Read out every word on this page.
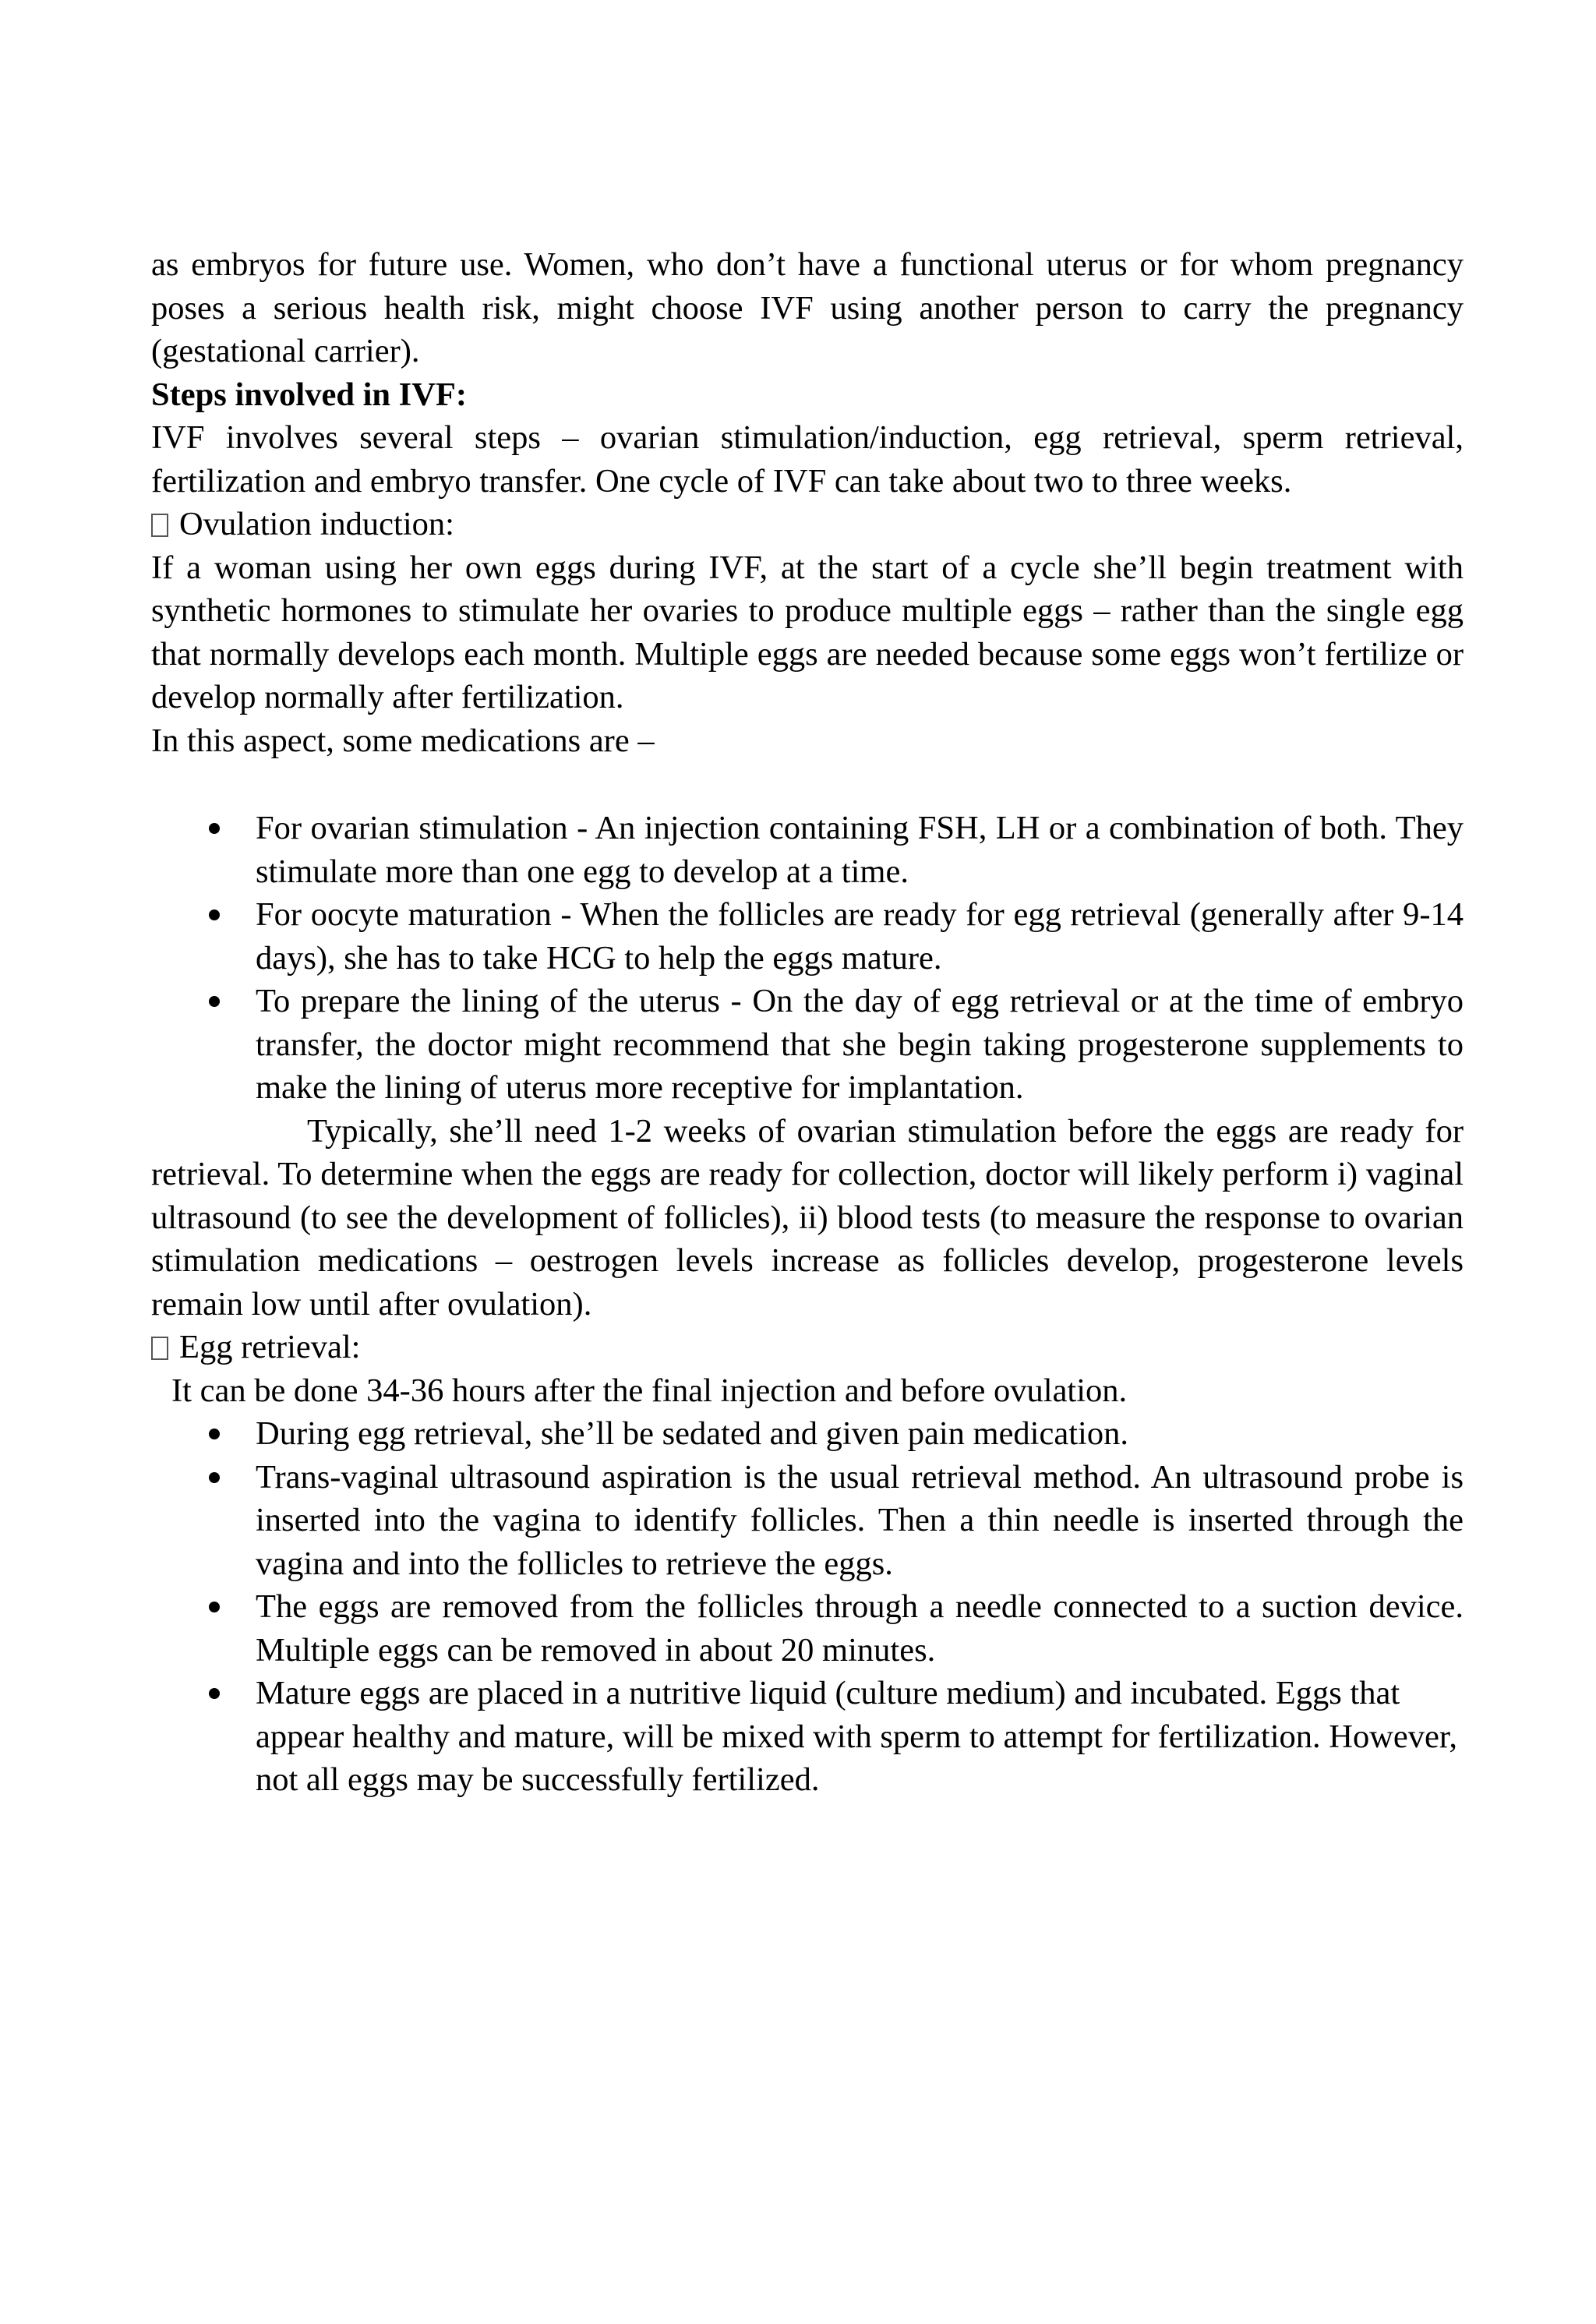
as embryos for future use. Women, who don’t have a functional uterus or for whom pregnancy poses a serious health risk, might choose IVF using another person to carry the pregnancy (gestational carrier).

Steps involved in IVF:

IVF involves several steps – ovarian stimulation/induction, egg retrieval, sperm retrieval, fertilization and embryo transfer. One cycle of IVF can take about two to three weeks.

Ovulation induction:

If a woman using her own eggs during IVF, at the start of a cycle she’ll begin treatment with synthetic hormones to stimulate her ovaries to produce multiple eggs – rather than the single egg that normally develops each month. Multiple eggs are needed because some eggs won’t fertilize or develop normally after fertilization.

In this aspect, some medications are –

For ovarian stimulation - An injection containing FSH, LH or a combination of both. They stimulate more than one egg to develop at a time.
For oocyte maturation - When the follicles are ready for egg retrieval (generally after 9-14 days), she has to take HCG to help the eggs mature.
To prepare the lining of the uterus - On the day of egg retrieval or at the time of embryo transfer, the doctor might recommend that she begin taking progesterone supplements to make the lining of uterus more receptive for implantation.

Typically, she’ll need 1-2 weeks of ovarian stimulation before the eggs are ready for retrieval. To determine when the eggs are ready for collection, doctor will likely perform i) vaginal ultrasound (to see the development of follicles), ii) blood tests (to measure the response to ovarian stimulation medications – oestrogen levels increase as follicles develop, progesterone levels remain low until after ovulation).

Egg retrieval:

It can be done 34-36 hours after the final injection and before ovulation.

During egg retrieval, she’ll be sedated and given pain medication.
Trans-vaginal ultrasound aspiration is the usual retrieval method. An ultrasound probe is inserted into the vagina to identify follicles. Then a thin needle is inserted through the vagina and into the follicles to retrieve the eggs.
The eggs are removed from the follicles through a needle connected to a suction device. Multiple eggs can be removed in about 20 minutes.
Mature eggs are placed in a nutritive liquid (culture medium) and incubated. Eggs that appear healthy and mature, will be mixed with sperm to attempt for fertilization. However, not all eggs may be successfully fertilized.
